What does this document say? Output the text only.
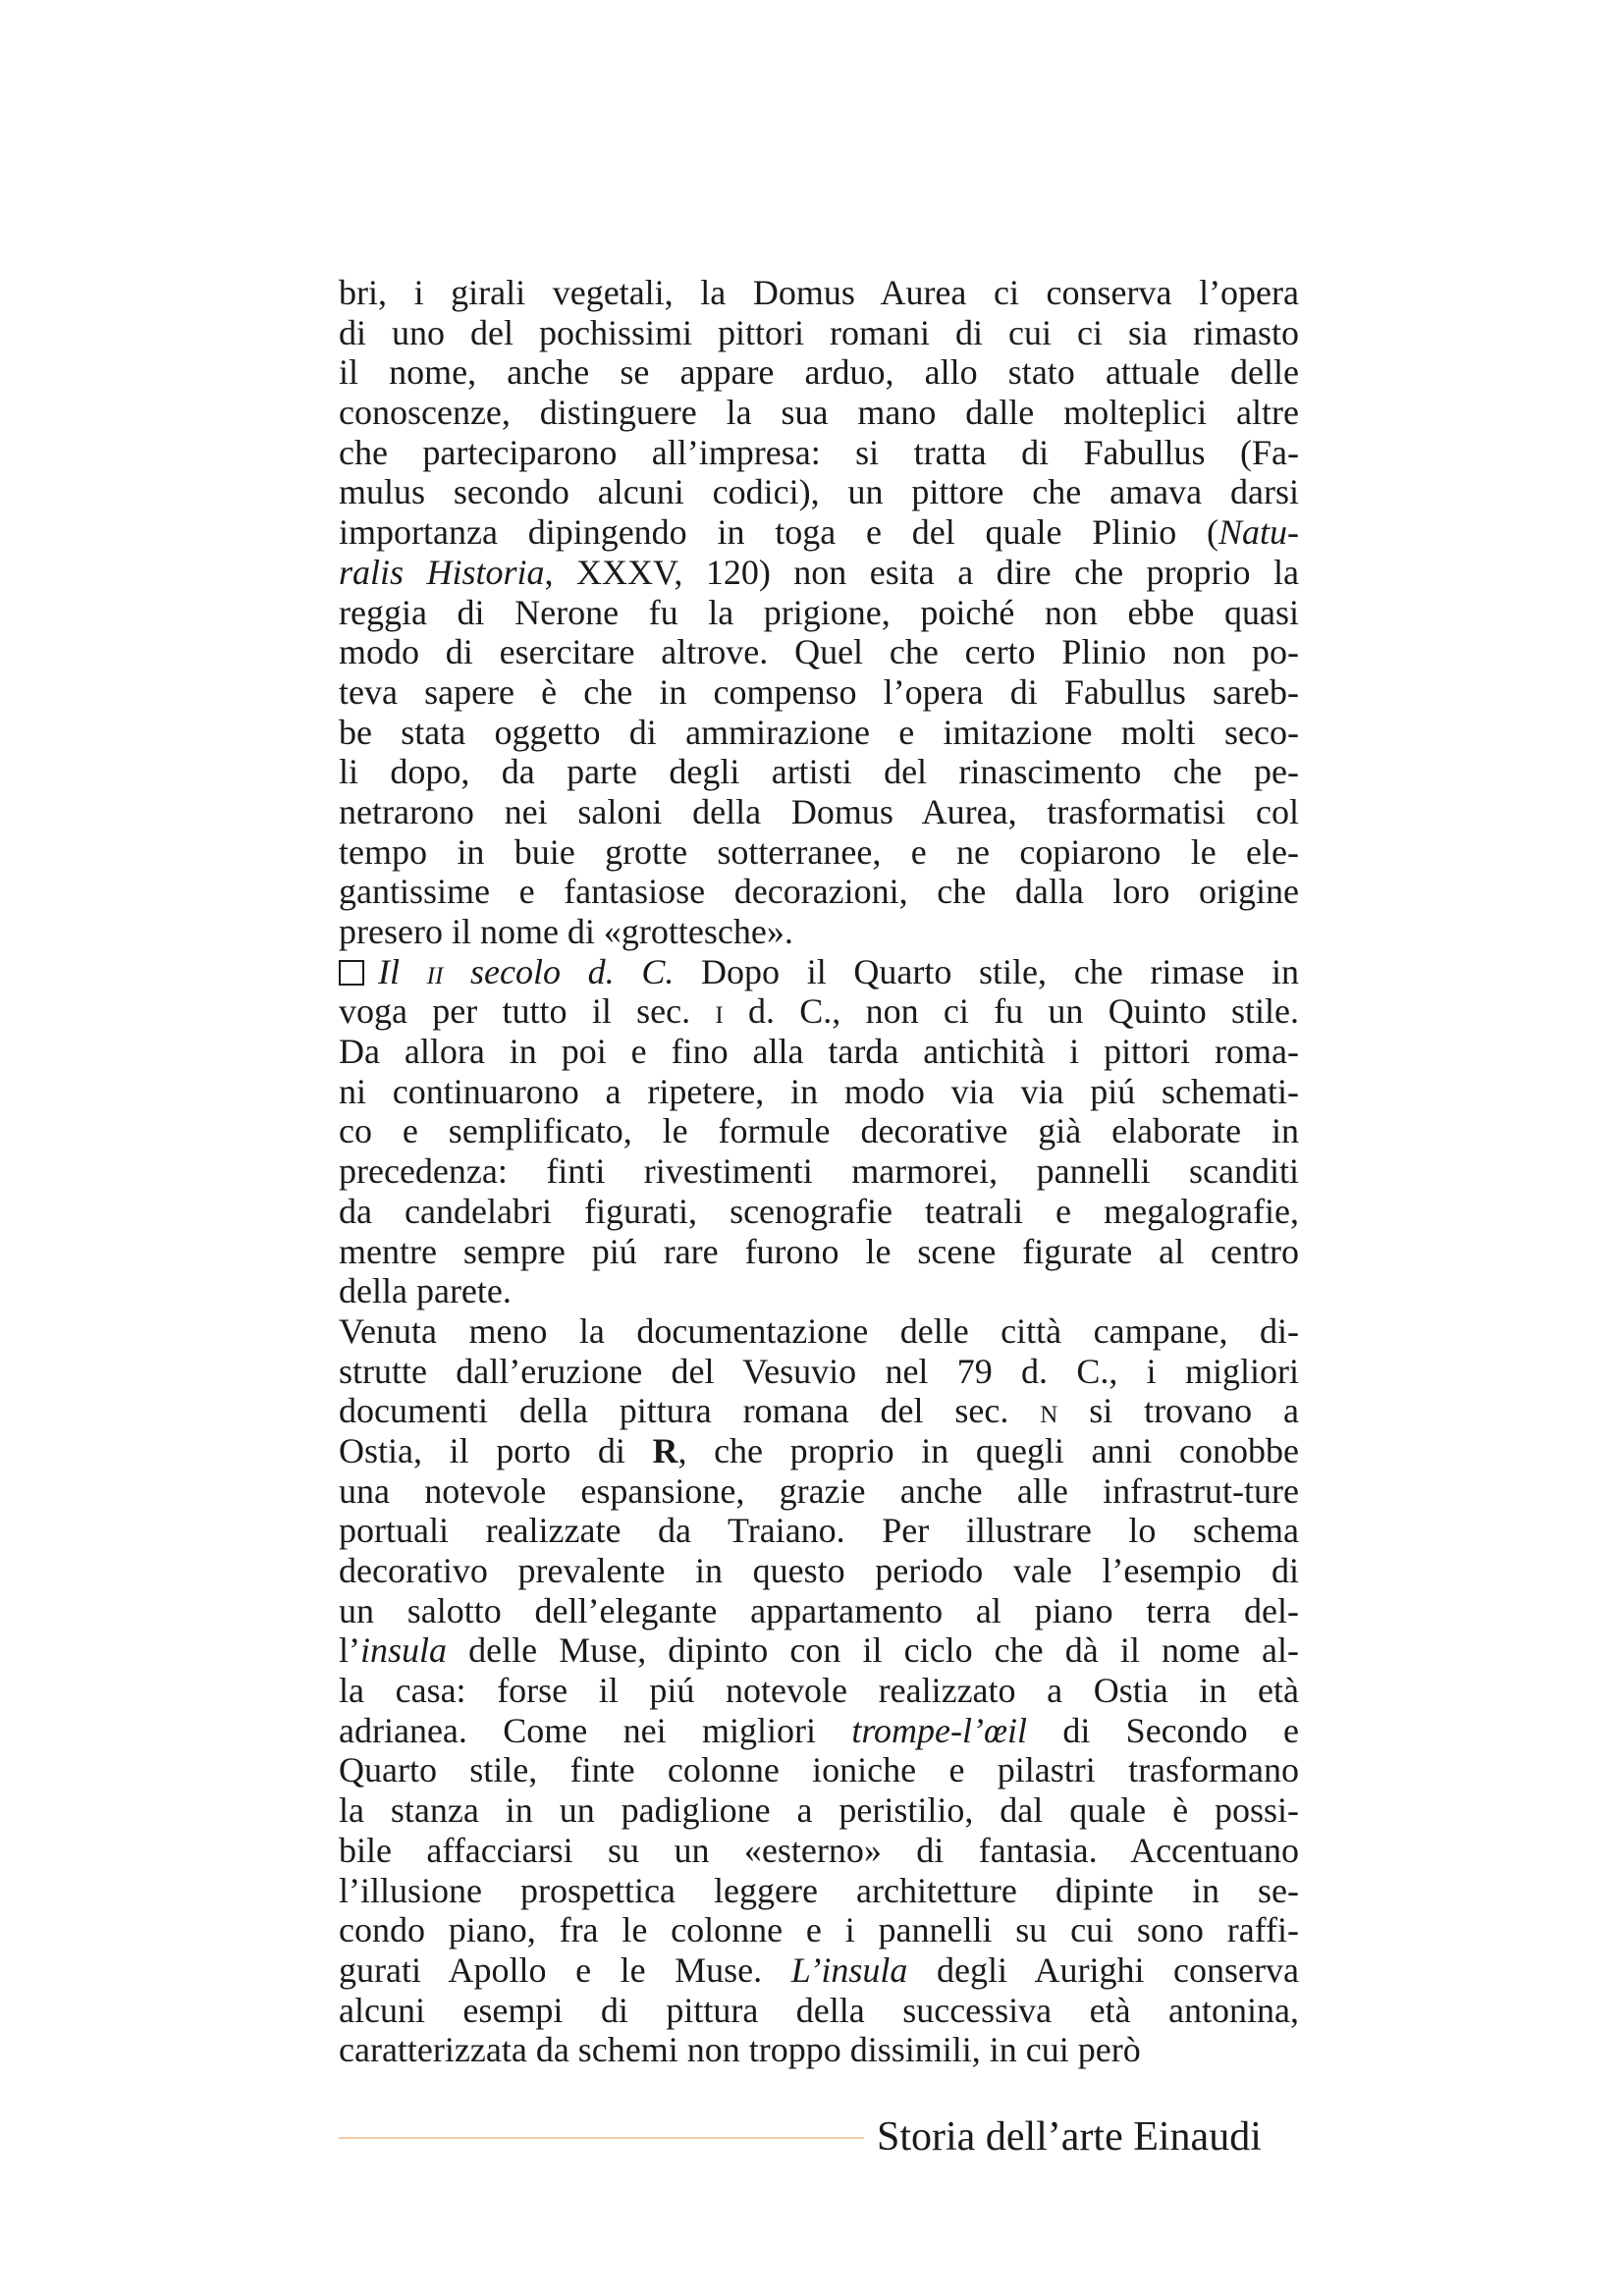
bri, i girali vegetali, la Domus Aurea ci conserva l’opera
di uno del pochissimi pittori romani di cui ci sia rimasto
il nome, anche se appare arduo, allo stato attuale delle
conoscenze, distinguere la sua mano dalle molteplici altre
che parteciparono all’impresa: si tratta di Fabullus (Fa-
mulus secondo alcuni codici), un pittore che amava darsi
importanza dipingendo in toga e del quale Plinio (Natu-
ralis Historia, XXXV, 120) non esita a dire che proprio la
reggia di Nerone fu la prigione, poiché non ebbe quasi
modo di esercitare altrove. Quel che certo Plinio non po-
teva sapere è che in compenso l’opera di Fabullus sareb-
be stata oggetto di ammirazione e imitazione molti seco-
li dopo, da parte degli artisti del rinascimento che pe-
netrarono nei saloni della Domus Aurea, trasformatisi col
tempo in buie grotte sotterranee, e ne copiarono le ele-
gantissime e fantasiose decorazioni, che dalla loro origine
presero il nome di «grottesche».
Il ii secolo d. C. Dopo il Quarto stile, che rimase in
voga per tutto il sec. i d. C., non ci fu un Quinto stile.
Da allora in poi e fino alla tarda antichità i pittori roma-
ni continuarono a ripetere, in modo via via piú schemati-
co e semplificato, le formule decorative già elaborate in
precedenza: finti rivestimenti marmorei, pannelli scanditi
da candelabri figurati, scenografie teatrali e megalografie,
mentre sempre piú rare furono le scene figurate al centro
della parete.
Venuta meno la documentazione delle città campane, di-
strutte dall’eruzione del Vesuvio nel 79 d. C., i migliori
documenti della pittura romana del sec. n si trovano a
Ostia, il porto di R, che proprio in quegli anni conobbe
una notevole espansione, grazie anche alle infrastrut-ture
portuali realizzate da Traiano. Per illustrare lo schema
decorativo prevalente in questo periodo vale l’esempio di
un salotto dell’elegante appartamento al piano terra del-
l’insula delle Muse, dipinto con il ciclo che dà il nome al-
la casa: forse il piú notevole realizzato a Ostia in età
adrianea. Come nei migliori trompe-l’œil di Secondo e
Quarto stile, finte colonne ioniche e pilastri trasformano
la stanza in un padiglione a peristilio, dal quale è possi-
bile affacciarsi su un «esterno» di fantasia. Accentuano
l’illusione prospettica leggere architetture dipinte in se-
condo piano, fra le colonne e i pannelli su cui sono raffi-
gurati Apollo e le Muse. L’insula degli Aurighi conserva
alcuni esempi di pittura della successiva età antonina,
caratterizzata da schemi non troppo dissimili, in cui però
Storia dell’arte Einaudi
